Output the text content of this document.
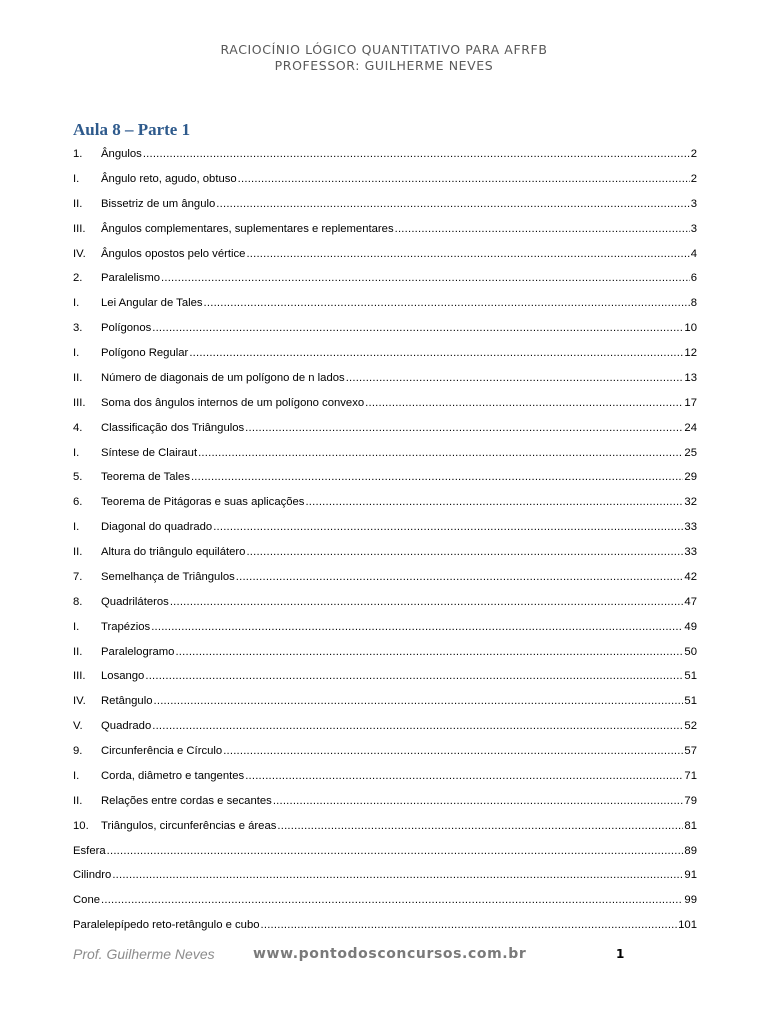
RACIOCÍNIO LÓGICO QUANTITATIVO PARA AFRFB
PROFESSOR: GUILHERME NEVES
Aula 8 – Parte 1
1.	Ângulos .....	2
I.	Ângulo reto, agudo, obtuso .....	2
II.	Bissetriz de um ângulo .....	3
III.	Ângulos complementares, suplementares e replementares .....	3
IV.	Ângulos opostos pelo vértice .....	4
2.	Paralelismo .....	6
I.	Lei Angular de Tales .....	8
3.	Polígonos .....	10
I.	Polígono Regular .....	12
II.	Número de diagonais de um polígono de n lados .....	13
III.	Soma dos ângulos internos de um polígono convexo .....	17
4.	Classificação dos Triângulos .....	24
I.	Síntese de Clairaut .....	25
5.	Teorema de Tales .....	29
6.	Teorema de Pitágoras e suas aplicações .....	32
I.	Diagonal do quadrado .....	33
II.	Altura do triângulo equilátero .....	33
7.	Semelhança de Triângulos .....	42
8.	Quadriláteros .....	47
I.	Trapézios .....	49
II.	Paralelogramo .....	50
III.	Losango .....	51
IV.	Retângulo .....	51
V.	Quadrado .....	52
9.	Circunferência e Círculo .....	57
I.	Corda, diâmetro e tangentes .....	71
II.	Relações entre cordas e secantes .....	79
10.	Triângulos, circunferências e áreas .....	81
Esfera .....	89
Cilindro .....	91
Cone .....	99
Paralelepípedo reto-retângulo e cubo .....	101
Prof. Guilherme Neves	www.pontodosconcursos.com.br	1
